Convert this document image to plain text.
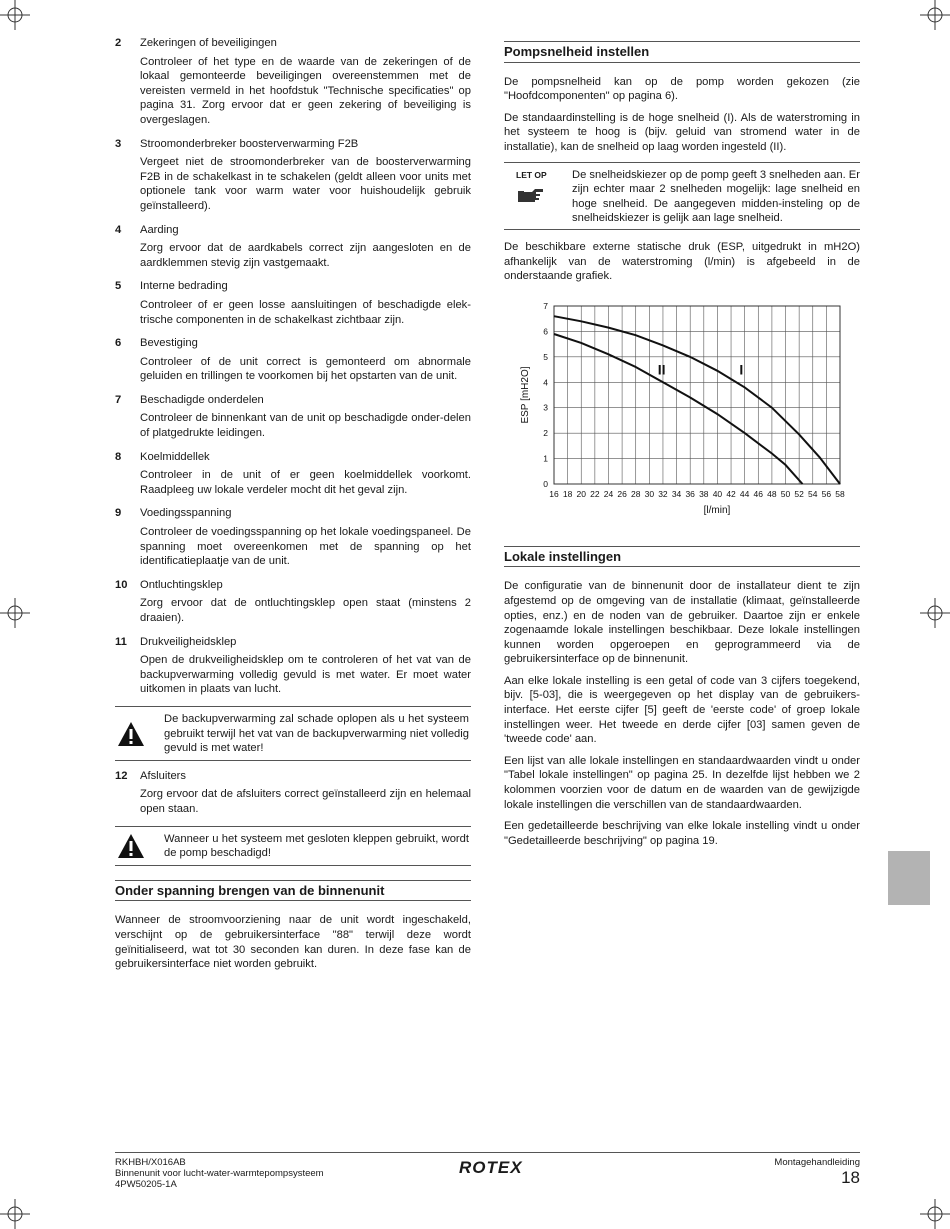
2	Zekeringen of beveiligingen
Controleer of het type en de waarde van de zekeringen of de lokaal gemonteerde beveiligingen overeenstemmen met de vereisten vermeld in het hoofdstuk "Technische specificaties" op pagina 31. Zorg ervoor dat er geen zekering of beveiliging is overgeslagen.
3	Stroomonderbreker boosterverwarming F2B
Vergeet niet de stroomonderbreker van de boosterverwarming F2B in de schakelkast in te schakelen (geldt alleen voor units met optionele tank voor warm water voor huishoudelijk gebruik geïnstalleerd).
4	Aarding
Zorg ervoor dat de aardkabels correct zijn aangesloten en de aardklemmen stevig zijn vastgemaakt.
5	Interne bedrading
Controleer of er geen losse aansluitingen of beschadigde elek-trische componenten in de schakelkast zichtbaar zijn.
6	Bevestiging
Controleer of de unit correct is gemonteerd om abnormale geluiden en trillingen te voorkomen bij het opstarten van de unit.
7	Beschadigde onderdelen
Controleer de binnenkant van de unit op beschadigde onder-delen of platgedrukte leidingen.
8	Koelmiddellek
Controleer in de unit of er geen koelmiddellek voorkomt. Raadpleeg uw lokale verdeler mocht dit het geval zijn.
9	Voedingsspanning
Controleer de voedingsspanning op het lokale voedingspaneel. De spanning moet overeenkomen met de spanning op het identificatieplaatje van de unit.
10	Ontluchtingsklep
Zorg ervoor dat de ontluchtingsklep open staat (minstens 2 draaien).
11	Drukveiligheidsklep
Open de drukveiligheidsklep om te controleren of het vat van de backupverwarming volledig gevuld is met water. Er moet water uitkomen in plaats van lucht.
De backupverwarming zal schade oplopen als u het systeem gebruikt terwijl het vat van de backupverwarming niet volledig gevuld is met water!
12	Afsluiters
Zorg ervoor dat de afsluiters correct geïnstalleerd zijn en helemaal open staan.
Wanneer u het systeem met gesloten kleppen gebruikt, wordt de pomp beschadigd!
Onder spanning brengen van de binnenunit
Wanneer de stroomvoorziening naar de unit wordt ingeschakeld, verschijnt op de gebruikersinterface "88" terwijl deze wordt geïnitialiseerd, wat tot 30 seconden kan duren. In deze fase kan de gebruikersinterface niet worden gebruikt.
Pompsnelheid instellen
De pompsnelheid kan op de pomp worden gekozen (zie "Hoofdcomponenten" op pagina 6).
De standaardinstelling is de hoge snelheid (I). Als de waterstroming in het systeem te hoog is (bijv. geluid van stromend water in de installatie), kan de snelheid op laag worden ingesteld (II).
LET OP	De snelheidskiezer op de pomp geeft 3 snelheden aan. Er zijn echter maar 2 snelheden mogelijk: lage snelheid en hoge snelheid. De aangegeven midden-insteling op de snelheidskiezer is gelijk aan lage snelheid.
De beschikbare externe statische druk (ESP, uitgedrukt in mH2O) afhankelijk van de waterstroming (l/min) is afgebeeld in de onderstaande grafiek.
16 18 20 22 24 26 28 30 32 34 36 38 40 42 44 46 48 50 52 54 56 58
0
1
2
3
4
5
6
7
[l/min]
ESP [mH2O]	I
II
Lokale instellingen
De configuratie van de binnenunit door de installateur dient te zijn afgestemd op de omgeving van de installatie (klimaat, geïnstalleerde opties, enz.) en de noden van de gebruiker. Daartoe zijn er enkele zogenaamde lokale instellingen beschikbaar. Deze lokale instellingen kunnen worden opgeroepen en geprogrammeerd via de gebruikersinterface op de binnenunit.
Aan elke lokale instelling is een getal of code van 3 cijfers toegekend, bijv. [5-03], die is weergegeven op het display van de gebruikers-interface. Het eerste cijfer [5] geeft de 'eerste code' of groep lokale instellingen weer. Het tweede en derde cijfer [03] samen geven de 'tweede code' aan.
Een lijst van alle lokale instellingen en standaardwaarden vindt u onder "Tabel lokale instellingen" op pagina 25. In dezelfde lijst hebben we 2 kolommen voorzien voor de datum en de waarden van de gewijzigde lokale instellingen die verschillen van de standaardwaarden.
Een gedetailleerde beschrijving van elke lokale instelling vindt u onder "Gedetailleerde beschrijving" op pagina 19.
RKHBH/X016AB
Binnenunit voor lucht-water-warmtepompsysteem
4PW50205-1A
ROTEX	Montagehandleiding
18
